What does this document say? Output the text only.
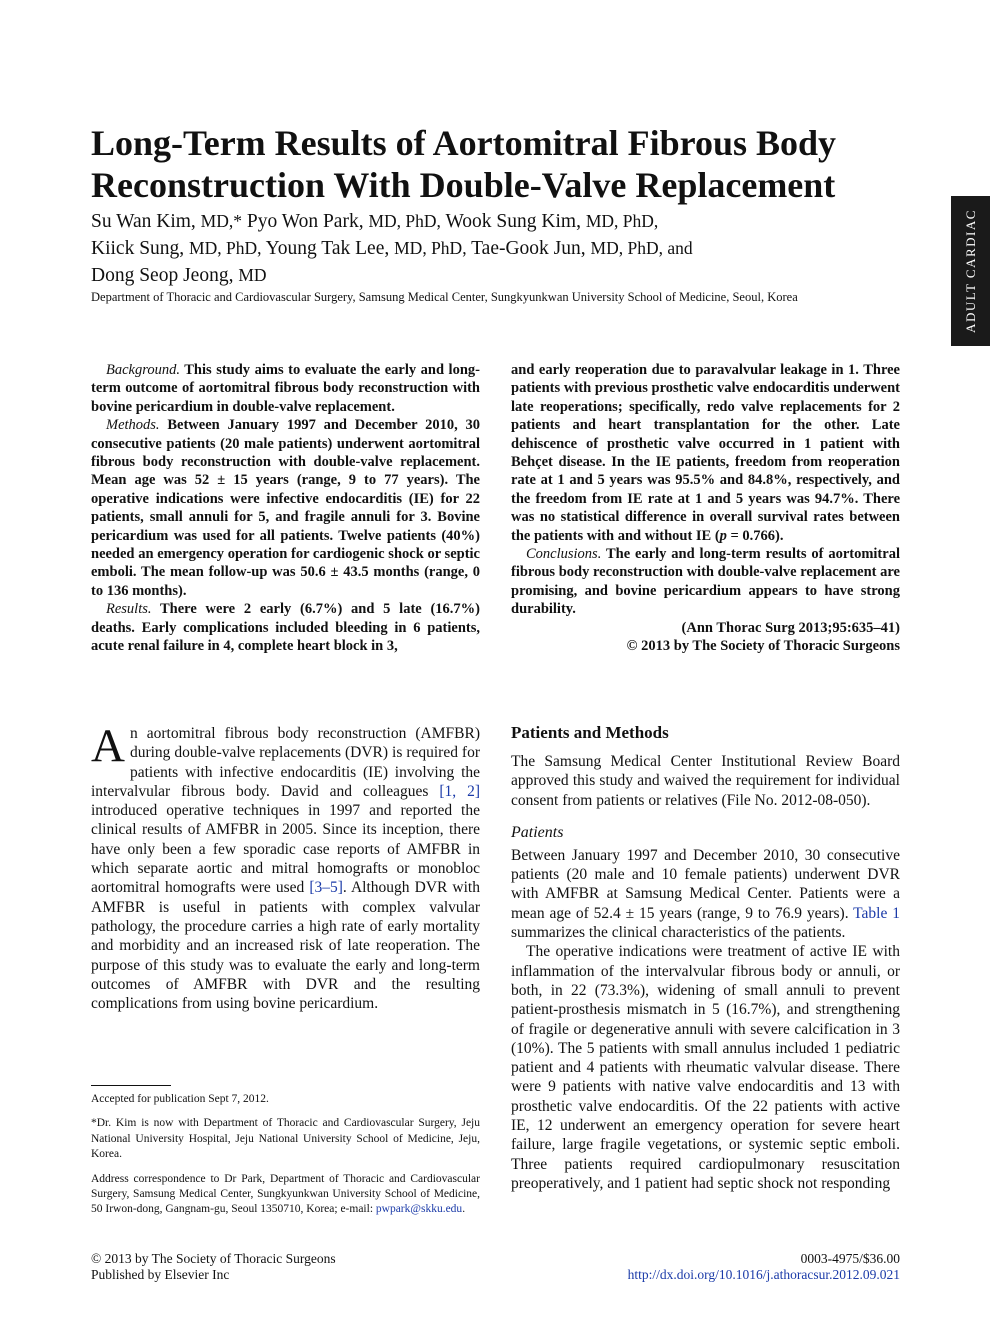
Long-Term Results of Aortomitral Fibrous Body Reconstruction With Double-Valve Replacement
Su Wan Kim, MD,* Pyo Won Park, MD, PhD, Wook Sung Kim, MD, PhD,
Kiick Sung, MD, PhD, Young Tak Lee, MD, PhD, Tae-Gook Jun, MD, PhD, and
Dong Seop Jeong, MD
Department of Thoracic and Cardiovascular Surgery, Samsung Medical Center, Sungkyunkwan University School of Medicine, Seoul, Korea	ADULT CARDIAC

Background. This study aims to evaluate the early and long-term outcome of aortomitral fibrous body reconstruction with bovine pericardium in double-valve replacement.

Methods. Between January 1997 and December 2010, 30 consecutive patients (20 male patients) underwent aortomitral fibrous body reconstruction with double-valve replacement. Mean age was 52 ± 15 years (range, 9 to 77 years). The operative indications were infective endocarditis (IE) for 22 patients, small annuli for 5, and fragile annuli for 3. Bovine pericardium was used for all patients. Twelve patients (40%) needed an emergency operation for cardiogenic shock or septic emboli. The mean follow-up was 50.6 ± 43.5 months (range, 0 to 136 months).

Results. There were 2 early (6.7%) and 5 late (16.7%) deaths. Early complications included bleeding in 6 patients, acute renal failure in 4, complete heart block in 3,

and early reoperation due to paravalvular leakage in 1. Three patients with previous prosthetic valve endocarditis underwent late reoperations; specifically, redo valve replacements for 2 patients and heart transplantation for the other. Late dehiscence of prosthetic valve occurred in 1 patient with Behçet disease. In the IE patients, freedom from reoperation rate at 1 and 5 years was 95.5% and 84.8%, respectively, and the freedom from IE rate at 1 and 5 years was 94.7%. There was no statistical difference in overall survival rates between the patients with and without IE (p = 0.766).

Conclusions. The early and long-term results of aortomitral fibrous body reconstruction with double-valve replacement are promising, and bovine pericardium appears to have strong durability.

(Ann Thorac Surg 2013;95:635–41)

© 2013 by The Society of Thoracic Surgeons

An aortomitral fibrous body reconstruction (AMFBR) during double-valve replacements (DVR) is required for patients with infective endocarditis (IE) involving the intervalvular fibrous body. David and colleagues [1, 2] introduced operative techniques in 1997 and reported the clinical results of AMFBR in 2005. Since its inception, there have only been a few sporadic case reports of AMFBR in which separate aortic and mitral homografts or monobloc aortomitral homografts were used [3–5]. Although DVR with AMFBR is useful in patients with complex valvular pathology, the procedure carries a high rate of early mortality and morbidity and an increased risk of late reoperation. The purpose of this study was to evaluate the early and long-term outcomes of AMFBR with DVR and the resulting complications from using bovine pericardium.

Patients and Methods

The Samsung Medical Center Institutional Review Board approved this study and waived the requirement for individual consent from patients or relatives (File No. 2012-08-050).

Patients

Between January 1997 and December 2010, 30 consecutive patients (20 male and 10 female patients) underwent DVR with AMFBR at Samsung Medical Center. Patients were a mean age of 52.4 ± 15 years (range, 9 to 76.9 years). Table 1 summarizes the clinical characteristics of the patients.

The operative indications were treatment of active IE with inflammation of the intervalvular fibrous body or annuli, or both, in 22 (73.3%), widening of small annuli to prevent patient-prosthesis mismatch in 5 (16.7%), and strengthening of fragile or degenerative annuli with severe calcification in 3 (10%). The 5 patients with small annulus included 1 pediatric patient and 4 patients with rheumatic valvular disease. There were 9 patients with native valve endocarditis and 13 with prosthetic valve endocarditis. Of the 22 patients with active IE, 12 underwent an emergency operation for severe heart failure, large fragile vegetations, or systemic septic emboli. Three patients required cardiopulmonary resuscitation preoperatively, and 1 patient had septic shock not responding

Accepted for publication Sept 7, 2012.

*Dr. Kim is now with Department of Thoracic and Cardiovascular Surgery, Jeju National University Hospital, Jeju National University School of Medicine, Jeju, Korea.

Address correspondence to Dr Park, Department of Thoracic and Cardiovascular Surgery, Samsung Medical Center, Sungkyunkwan University School of Medicine, 50 Irwon-dong, Gangnam-gu, Seoul 1350710, Korea; e-mail: pwpark@skku.edu.

© 2013 by The Society of Thoracic Surgeons
Published by Elsevier Inc
0003-4975/$36.00
http://dx.doi.org/10.1016/j.athoracsur.2012.09.021
